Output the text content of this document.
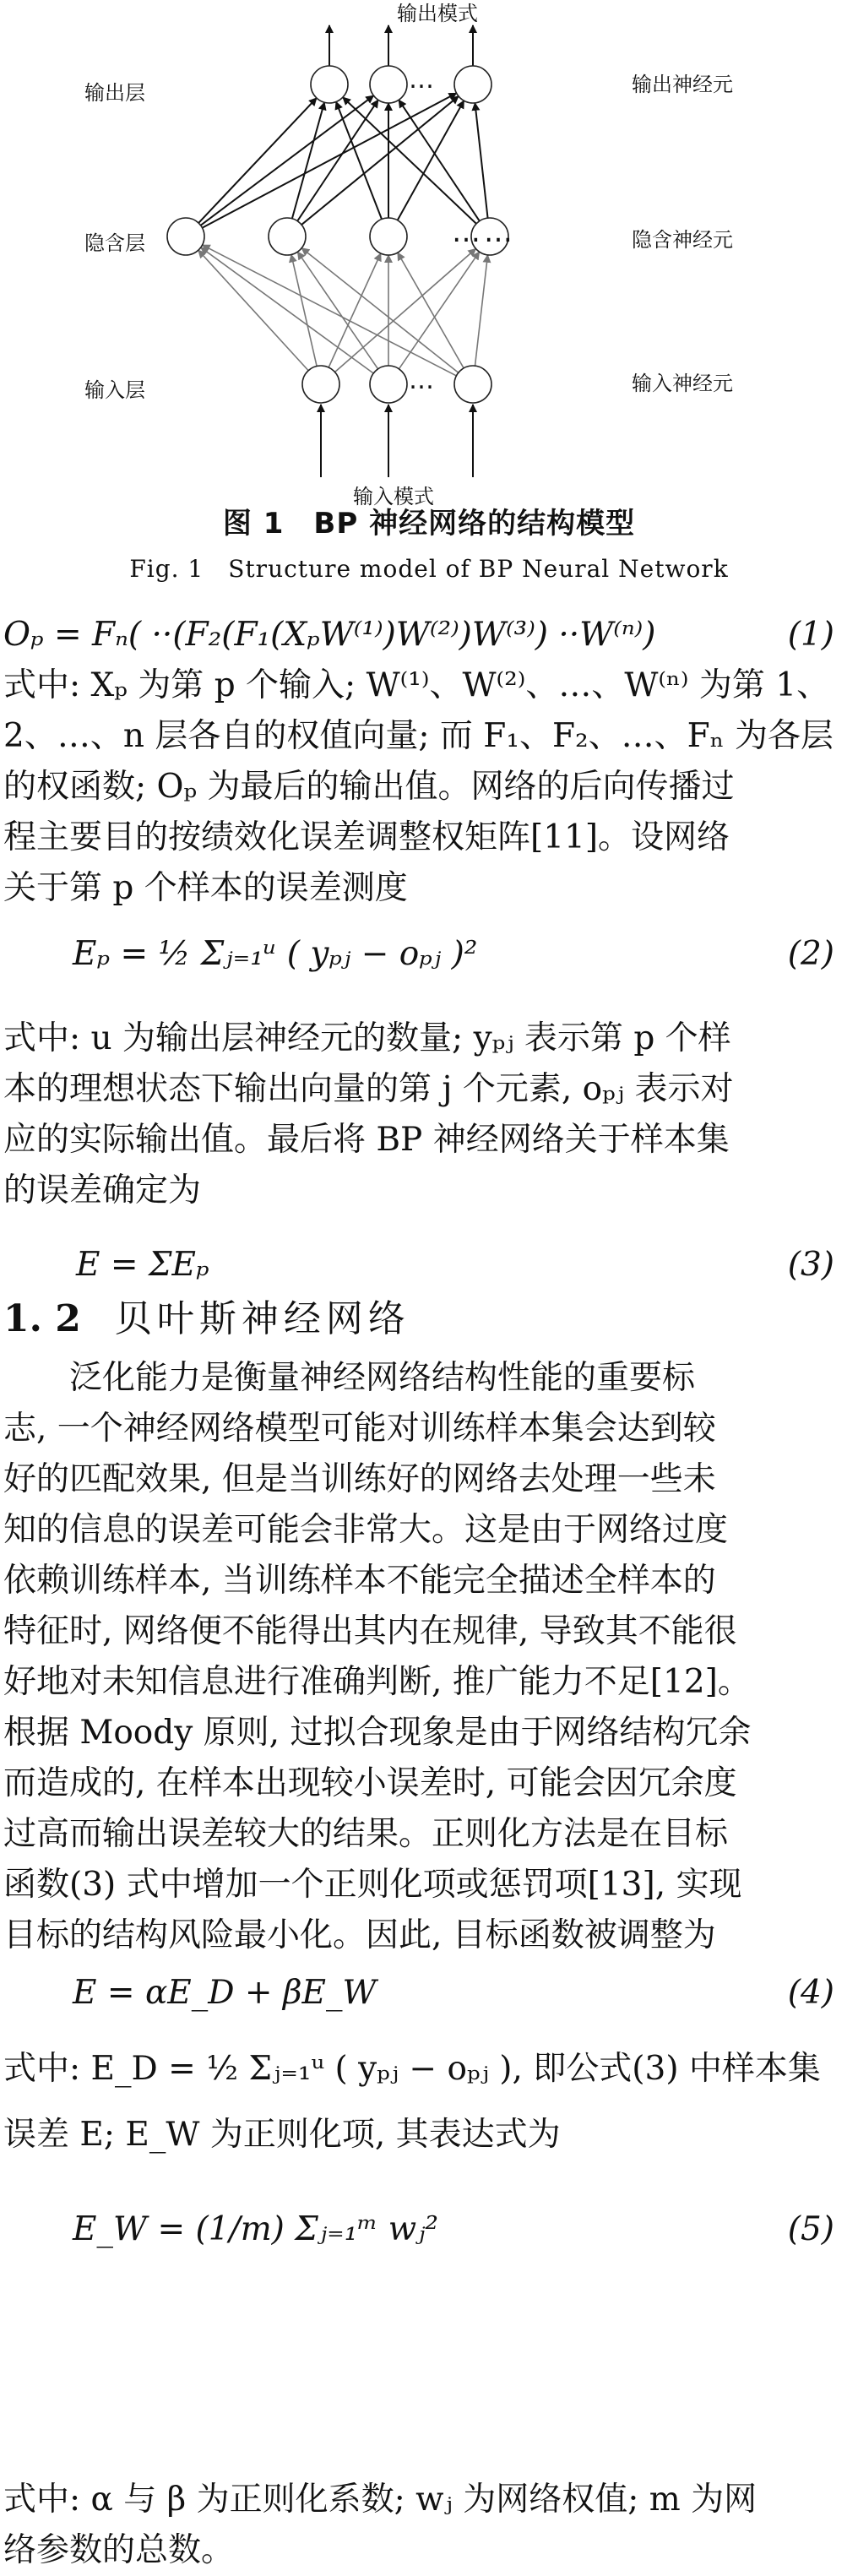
输出模式
输入模式
输出层
隐含层
输入层
输出神经元
隐含神经元
输入神经元
…
……
…
图 1　BP 神经网络的结构模型
Fig. 1　Structure model of BP Neural Network
Oₚ = Fₙ( ··(F₂(F₁(XₚW⁽¹⁾)W⁽²⁾)W⁽³⁾) ··W⁽ⁿ⁾)	(1)
式中: Xₚ 为第 p 个输入; W⁽¹⁾、W⁽²⁾、…、W⁽ⁿ⁾ 为第 1、
2、…、n 层各自的权值向量; 而 F₁、F₂、…、Fₙ 为各层
的权函数; Oₚ 为最后的输出值。网络的后向传播过
程主要目的按绩效化误差调整权矩阵[11]。设网络
关于第 p 个样本的误差测度
Eₚ = ½ Σⱼ₌₁ᵘ ( yₚⱼ − oₚⱼ )²	(2)
式中: u 为输出层神经元的数量; yₚⱼ 表示第 p 个样
本的理想状态下输出向量的第 j 个元素, oₚⱼ 表示对
应的实际输出值。最后将 BP 神经网络关于样本集
的误差确定为
E = ΣEₚ	(3)
1. 2 贝叶斯神经网络
　　泛化能力是衡量神经网络结构性能的重要标
志, 一个神经网络模型可能对训练样本集会达到较
好的匹配效果, 但是当训练好的网络去处理一些未
知的信息的误差可能会非常大。这是由于网络过度
依赖训练样本, 当训练样本不能完全描述全样本的
特征时, 网络便不能得出其内在规律, 导致其不能很
好地对未知信息进行准确判断, 推广能力不足[12]。
根据 Moody 原则, 过拟合现象是由于网络结构冗余
而造成的, 在样本出现较小误差时, 可能会因冗余度
过高而输出误差较大的结果。正则化方法是在目标
函数(3) 式中增加一个正则化项或惩罚项[13], 实现
目标的结构风险最小化。因此, 目标函数被调整为
E = αE_D + βE_W	(4)
式中: E_D = ½ Σⱼ₌₁ᵘ ( yₚⱼ − oₚⱼ ), 即公式(3) 中样本集
误差 E; E_W 为正则化项, 其表达式为
E_W = (1/m) Σⱼ₌₁ᵐ wⱼ²	(5)
式中: α 与 β 为正则化系数; wⱼ 为网络权值; m 为网
络参数的总数。
